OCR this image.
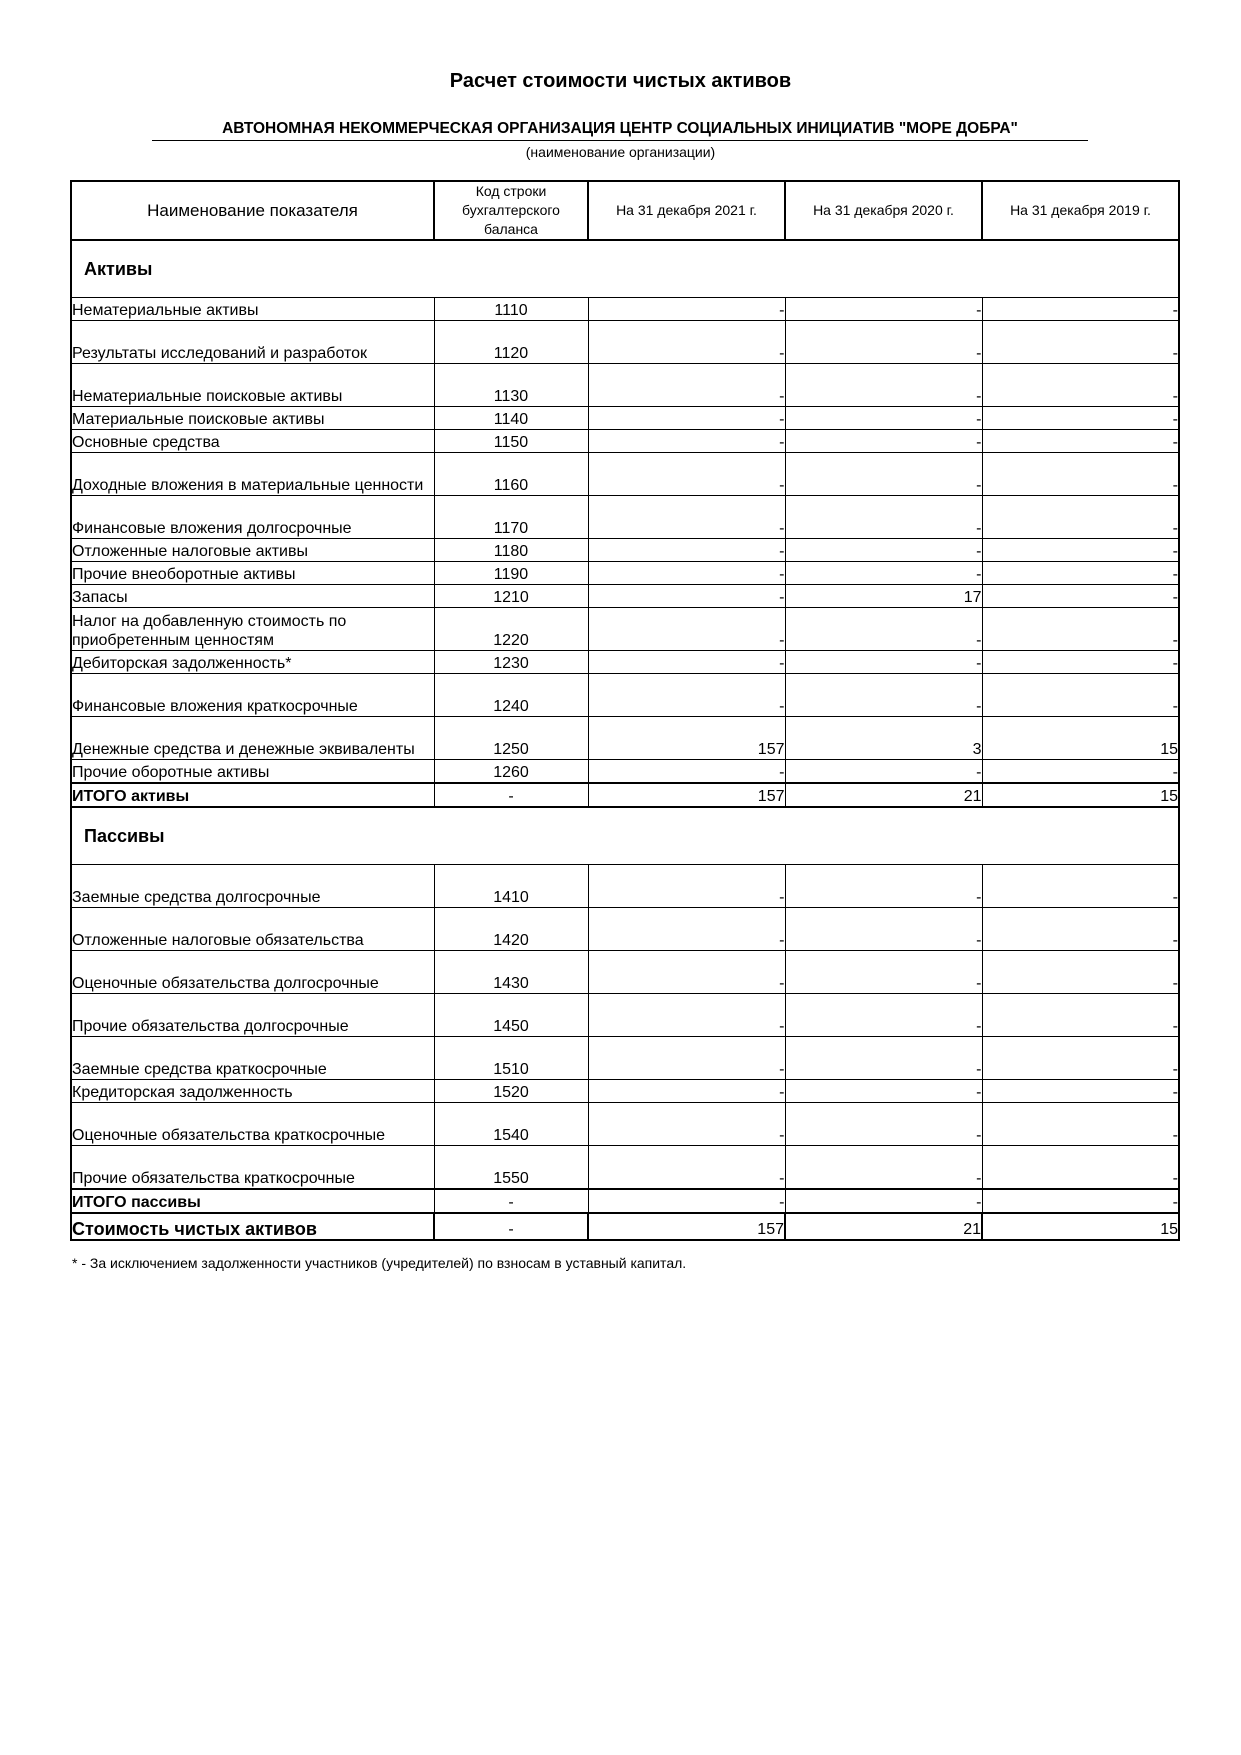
Расчет стоимости чистых активов
АВТОНОМНАЯ НЕКОММЕРЧЕСКАЯ ОРГАНИЗАЦИЯ ЦЕНТР СОЦИАЛЬНЫХ ИНИЦИАТИВ "МОРЕ ДОБРА"
(наименование организации)
Наименование показателя	Код строки бухгалтерского баланса	На 31 декабря 2021 г.	На 31 декабря 2020 г.	На 31 декабря 2019 г.
Активы				
Нематериальные активы	1110	-	-	-
Результаты исследований и разработок	1120	-	-	-
Нематериальные поисковые активы	1130	-	-	-
Материальные поисковые активы	1140	-	-	-
Основные средства	1150	-	-	-
Доходные вложения в материальные ценности	1160	-	-	-
Финансовые вложения долгосрочные	1170	-	-	-
Отложенные налоговые активы	1180	-	-	-
Прочие внеоборотные активы	1190	-	-	-
Запасы	1210	-	17	-
Налог на добавленную стоимость по приобретенным ценностям	1220	-	-	-
Дебиторская задолженность*	1230	-	-	-
Финансовые вложения краткосрочные	1240	-	-	-
Денежные средства и денежные эквиваленты	1250	157	3	15
Прочие оборотные активы	1260	-	-	-
ИТОГО активы	-	157	21	15
Пассивы				
Заемные средства долгосрочные	1410	-	-	-
Отложенные налоговые обязательства	1420	-	-	-
Оценочные обязательства долгосрочные	1430	-	-	-
Прочие обязательства долгосрочные	1450	-	-	-
Заемные средства краткосрочные	1510	-	-	-
Кредиторская задолженность	1520	-	-	-
Оценочные обязательства краткосрочные	1540	-	-	-
Прочие обязательства краткосрочные	1550	-	-	-
ИТОГО пассивы	-	-	-	-
Стоимость чистых активов	-	157	21	15
* - За исключением задолженности участников (учредителей) по взносам в уставный капитал.
